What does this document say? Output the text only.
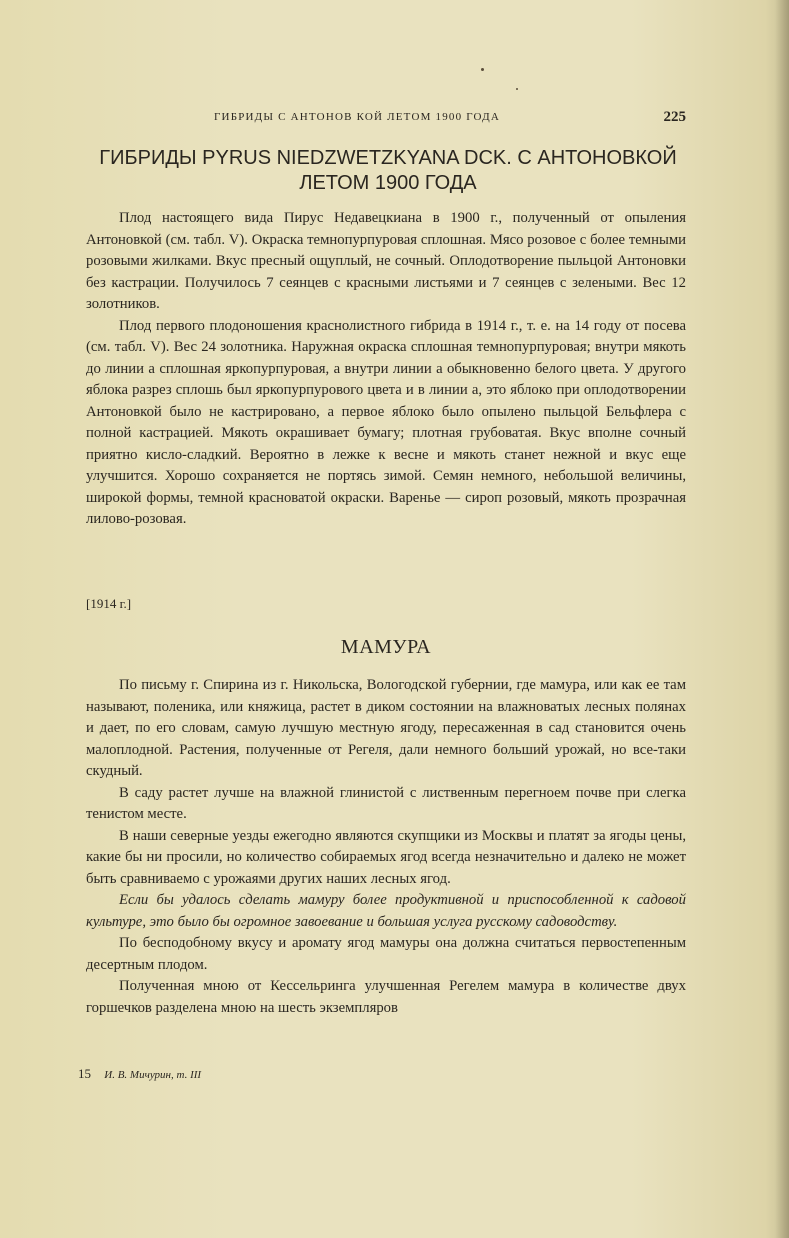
ГИБРИДЫ С АНТОНОВ КОЙ ЛЕТОМ 1900 ГОДА	225
ГИБРИДЫ PYRUS NIEDZWETZKYANA DCK. С АНТОНОВКОЙ ЛЕТОМ 1900 ГОДА

Плод настоящего вида Пирус Недавецкиана в 1900 г., полученный от опыления Антоновкой (см. табл. V). Окраска темнопурпуровая сплошная. Мясо розовое с более темными розовыми жилками. Вкус пресный ощуплый, не сочный. Оплодотворение пыльцой Антоновки без кастрации. Получилось 7 сеянцев с красными листьями и 7 сеянцев с зелеными. Вес 12 золотников.

Плод первого плодоношения краснолистного гибрида в 1914 г., т. е. на 14 году от посева (см. табл. V). Вес 24 золотника. Наружная окраска сплошная темнопурпуровая; внутри мякоть до линии а сплошная яркопурпуровая, а внутри линии а обыкновенно белого цвета. У другого яблока разрез сплошь был яркопурпурового цвета и в линии а, это яблоко при оплодотворении Антоновкой было не кастрировано, а первое яблоко было опылено пыльцой Бельфлера с полной кастрацией. Мякоть окрашивает бумагу; плотная грубоватая. Вкус вполне сочный приятно кисло-сладкий. Вероятно в лежке к весне и мякоть станет нежной и вкус еще улучшится. Хорошо сохраняется не портясь зимой. Семян немного, небольшой величины, широкой формы, темной красноватой окраски. Варенье — сироп розовый, мякоть прозрачная лилово-розовая.

[1914 г.]
МАМУРА

По письму г. Спирина из г. Никольска, Вологодской губернии, где мамура, или как ее там называют, поленика, или княжица, растет в диком состоянии на влажноватых лесных полянах и дает, по его словам, самую лучшую местную ягоду, пересаженная в сад становится очень малоплодной. Растения, полученные от Регеля, дали немного больший урожай, но все-таки скудный.

В саду растет лучше на влажной глинистой с лиственным перегноем почве при слегка тенистом месте.

В наши северные уезды ежегодно являются скупщики из Москвы и платят за ягоды цены, какие бы ни просили, но количество собираемых ягод всегда незначительно и далеко не может быть сравниваемо с урожаями других наших лесных ягод.

Если бы удалось сделать мамуру более продуктивной и приспособленной к садовой культуре, это было бы огромное завоевание и большая услуга русскому садоводству.

По бесподобному вкусу и аромату ягод мамуры она должна считаться первоcтепенным десертным плодом.

Полученная мною от Кессельринга улучшенная Регелем мамура в количестве двух горшечков разделена мною на шесть экземпляров

15 И. В. Мичурин, т. III
